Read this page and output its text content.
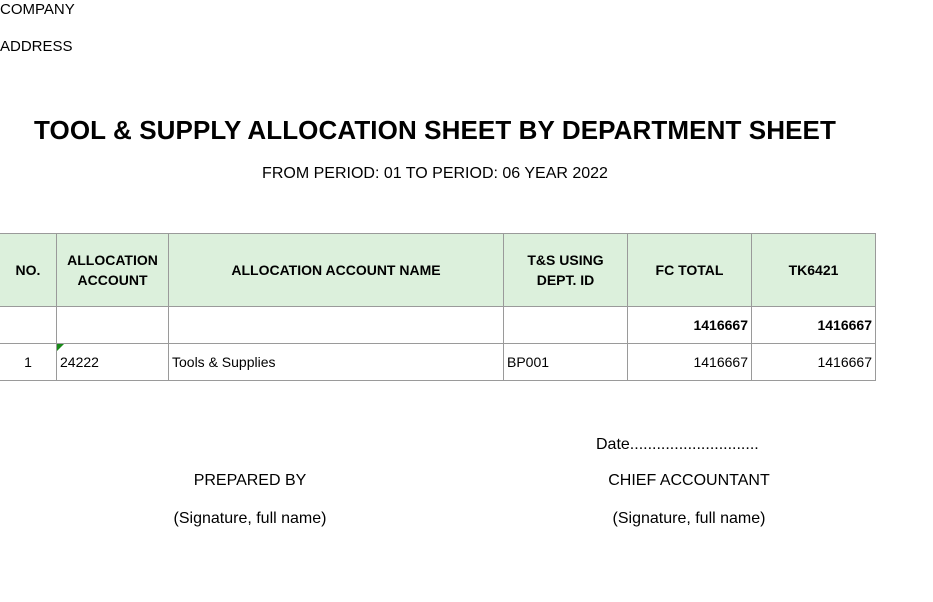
COMPANY
ADDRESS
TOOL & SUPPLY ALLOCATION SHEET BY DEPARTMENT SHEET
FROM PERIOD: 01 TO PERIOD: 06 YEAR 2022
NO.	ALLOCATION ACCOUNT	ALLOCATION ACCOUNT NAME	T&S USING DEPT. ID	FC TOTAL	TK6421
				1416667	1416667
1	24222	Tools & Supplies	BP001	1416667	1416667
Date.............................
PREPARED BY
(Signature, full name)
CHIEF ACCOUNTANT
(Signature, full name)
